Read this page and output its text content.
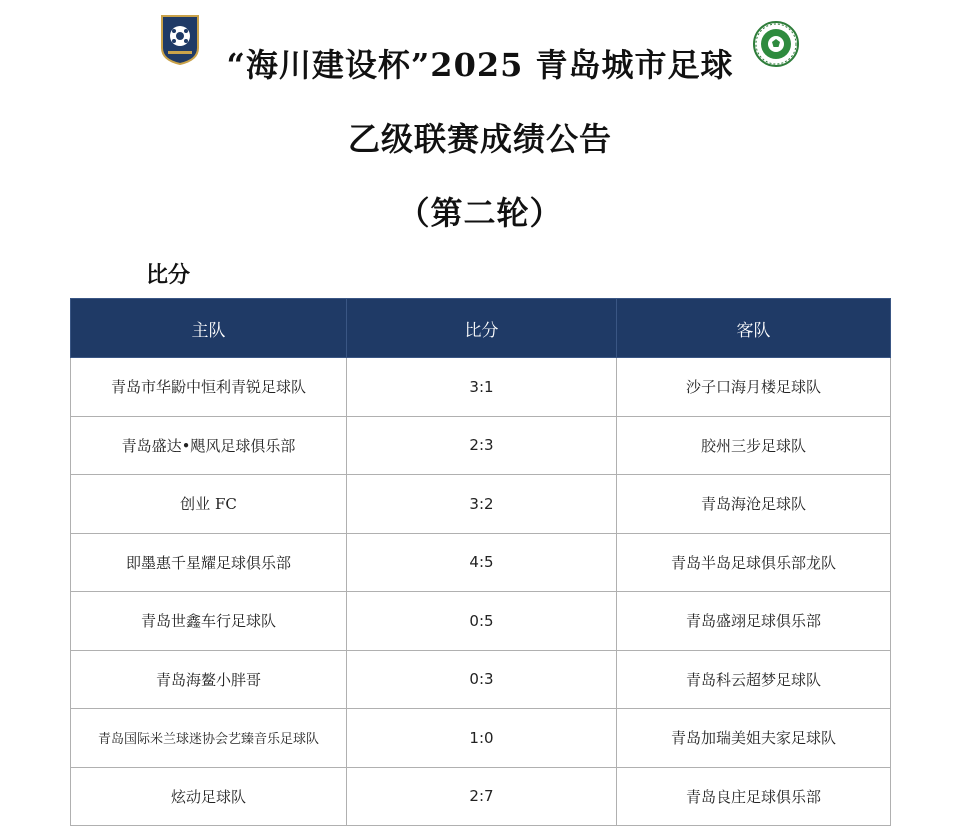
“海川建设杯”2025 青岛城市足球
乙级联赛成绩公告
（第二轮）
比分
主队	比分	客队
青岛市华鼢中恒利青锐足球队	3:1	沙子口海月楼足球队
青岛盛达•飓风足球俱乐部	2:3	胶州三步足球队
创业 FC	3:2	青岛海沧足球队
即墨惠千星耀足球俱乐部	4:5	青岛半岛足球俱乐部龙队
青岛世鑫车行足球队	0:5	青岛盛翊足球俱乐部
青岛海鳌小胖哥	0:3	青岛科云超梦足球队
青岛国际米兰球迷协会艺臻音乐足球队	1:0	青岛加瑞美姐夫家足球队
炫动足球队	2:7	青岛良庄足球俱乐部
